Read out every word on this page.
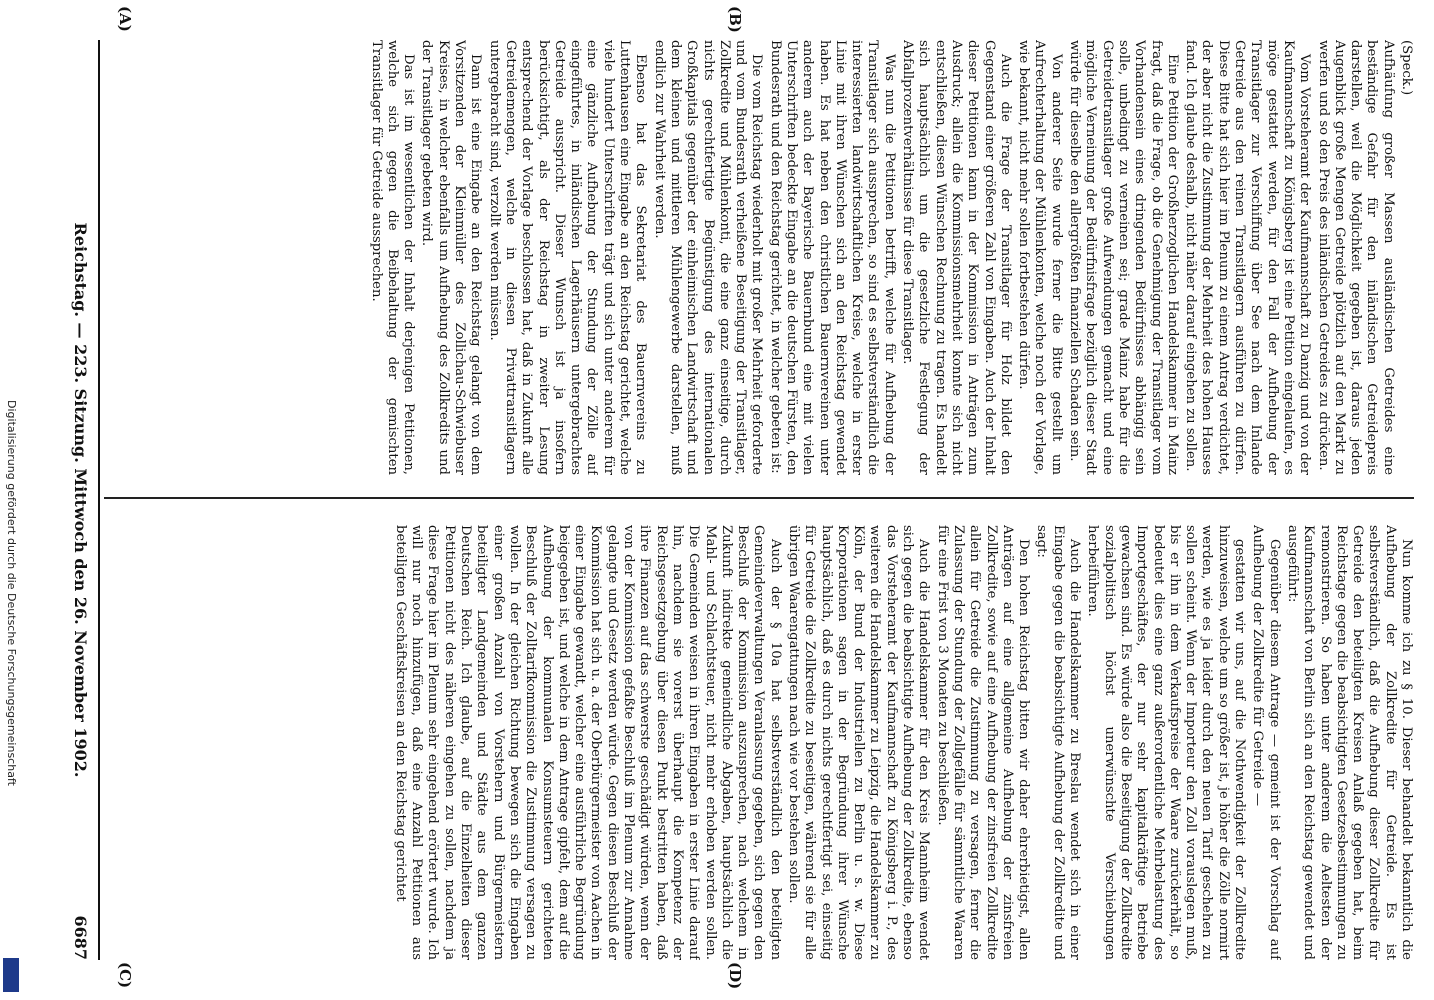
Reichstag. — 223. Sitzung. Mittwoch den 26. November 1902.
6687

(Speck.)

Aufhäufung großer Massen ausländischen Getreides eine beständige Gefahr für den inländischen Getreidepreis darstellen, weil die Möglichkeit gegeben ist, daraus jeden Augenblick große Mengen Getreide plötzlich auf den Markt zu werfen und so den Preis des inländischen Getreides zu drücken.

Vom Vorsteheramt der Kaufmannschaft zu Danzig und von der Kaufmannschaft zu Königsberg ist eine Petition eingelaufen, es möge gestattet werden, für den Fall der Aufhebung der Transitlager zur Verschiffung über See nach dem Inlande Getreide aus den reinen Transitlagern ausführen zu dürfen. Diese Bitte hat sich hier im Plenum zu einem Antrag verdichtet, der aber nicht die Zustimmung der Mehrheit des hohen Hauses fand. Ich glaube deshalb, nicht näher darauf eingehen zu sollen.

Eine Petition der Großherzoglichen Handelskammer in Mainz fragt, daß die Frage, ob die Genehmigung der Transitlager vom Vorhandensein eines dringenden Bedürfnisses abhängig sein solle, unbedingt zu verneinen sei; grade Mainz habe für die Getreidetransitlager große Aufwendungen gemacht und eine mögliche Verneinung der Bedürfnisfrage bezüglich dieser Stadt würde für dieselbe den allergrößten finanziellen Schaden sein.

Von anderer Seite wurde ferner die Bitte gestellt um Aufrechterhaltung der Mühlenkonten, welche noch der Vorlage, wie bekannt, nicht mehr sollen fortbestehen dürfen.

Auch die Frage der Transitlager für Holz bildet den Gegenstand einer größeren Zahl von Eingaben. Auch der Inhalt dieser Petitionen kann in der Kommission in Anträgen zum Ausdruck; allein die Kommissionsmehrheit konnte sich nicht entschließen, diesen Wünschen Rechnung zu tragen. Es handelt sich hauptsächlich um die gesetzliche Festlegung der Abfallprozentverhältnisse für diese Transitlager.

Was nun die Petitionen betrifft, welche für Aufhebung der Transitlager sich aussprechen, so sind es selbstverständlich die interessierten landwirtschaftlichen Kreise, welche in erster Linie mit ihren Wünschen sich an den Reichstag gewendet haben. Es hat neben den christlichen Bauernvereinen unter anderem auch der Bayerische Bauernbund eine mit vielen Unterschriften bedeckte Eingabe an die deutschen Fürsten, den Bundesrath und den Reichstag gerichtet, in welcher gebeten ist:

Die vom Reichstag wiederholt mit großer Mehrheit geforderte und vom Bundesrath verheißene Beseitigung der Transitlager, Zollkredite und Mühlenkonti, die eine ganz einseitige, durch nichts gerechtfertigte Begünstigung des internationalen Großkapitals gegenüber der einheimischen Landwirtschaft und dem kleinen und mittleren Mühlengewerbe darstellen, muß endlich zur Wahrheit werden.

Ebenso hat das Sekretariat des Bauernvereins zu Luttenhausen eine Eingabe an den Reichstag gerichtet, welche viele hundert Unterschriften trägt und sich unter anderem für eine gänzliche Aufhebung der Stundung der Zölle auf eingeführtes, in inländischen Lagerhäusern untergebrachtes Getreide ausspricht. Dieser Wunsch ist ja insofern berücksichtigt, als der Reichstag in zweiter Lesung entsprechend der Vorlage beschlossen hat, daß in Zukunft alle Getreidemengen, welche in diesen Privattransitlagern untergebracht sind, verzollt werden müssen.

Dann ist eine Eingabe an den Reichstag gelangt von dem Vorsitzenden der Kleinmüller des Zollichau-Schwiebuser Kreises, in welcher ebenfalls um Aufhebung des Zollkredits und der Transitlager gebeten wird.

Das ist im wesentlichen der Inhalt derjenigen Petitionen, welche sich gegen die Beibehaltung der gemischten Transitlager für Getreide aussprechen.

Nun komme ich zu § 10. Dieser behandelt bekanntlich die Aufhebung der Zollkredite für Getreide. Es ist selbstverständlich, daß die Aufhebung dieser Zollkredite für Getreide den beteiligten Kreisen Anlaß gegeben hat, beim Reichstage gegen die beabsichtigten Gesetzesbestimmungen zu remonstrieren. So haben unter anderem die Aeltesten der Kaufmannschaft von Berlin sich an den Reichstag gewendet und ausgeführt:

Gegenüber diesem Antrage — gemeint ist der Vorschlag auf Aufhebung der Zollkredite für Getreide —

gestatten wir uns, auf die Nothwendigkeit der Zollkredite hinzuweisen, welche um so größer ist, je höher die Zölle normirt werden, wie es ja leider durch den neuen Tarif geschehen zu sollen scheint. Wenn der Importeur den Zoll vorauslegen muß, bis er ihn in dem Verkaufspreise der Waare zurückerhält, so bedeutet dies eine ganz außerordentliche Mehrbelastung des Importgeschäftes, der nur sehr kapitalkräftige Betriebe gewachsen sind. Es würde also die Beseitigung der Zollkredite sozialpolitisch höchst unerwünschte Verschiebungen herbeiführen.

Auch die Handelskammer zu Breslau wendet sich in einer Eingabe gegen die beabsichtigte Aufhebung der Zollkredite und sagt:

Den hohen Reichstag bitten wir daher ehrerbietigst, allen Anträgen auf eine allgemeine Aufhebung der zinsfreien Zollkredite, sowie auf eine Aufhebung der zinsfreien Zollkredite allein für Getreide die Zustimmung zu versagen, ferner die Zulassung der Stundung der Zollgefälle für sämmtliche Waaren für eine Frist von 3 Monaten zu beschließen.

Auch die Handelskammer für den Kreis Mannheim wendet sich gegen die beabsichtigte Aufhebung der Zollkredite, ebenso das Vorsteheramt der Kaufmannschaft zu Königsberg i. P., des weiteren die Handelskammer zu Leipzig, die Handelskammer zu Köln, der Bund der Industriellen zu Berlin u. s. w. Diese Korporationen sagen in der Begründung ihrer Wünsche hauptsächlich, daß es durch nichts gerechtfertigt sei, einseitig für Getreide die Zollkredite zu beseitigen, während sie für alle übrigen Waarengattungen nach wie vor bestehen sollen.

Auch der § 10a hat selbstverständlich den beteiligten Gemeindeverwaltungen Veranlassung gegeben, sich gegen den Beschluß der Kommission auszusprechen, nach welchem in Zukunft indirekte gemeindliche Abgaben, hauptsächlich die Mahl- und Schlachtsteuer, nicht mehr erhoben werden sollen. Die Gemeinden weisen in ihren Eingaben in erster Linie darauf hin, nachdem sie vorerst überhaupt die Kompetenz der Reichsgesetzgebung über diesen Punkt bestritten haben, daß ihre Finanzen auf das schwerste geschädigt würden, wenn der von der Kommission gefaßte Beschluß im Plenum zur Annahme gelangte und Gesetz werden würde. Gegen diesen Beschluß der Kommission hat sich u. a. der Oberbürgermeister von Aachen in einer Eingabe gewandt, welcher eine ausführliche Begründung beigegeben ist, und welche in dem Antrage gipfelt, dem auf die Aufhebung der kommunalen Konsumsteuern gerichteten Beschluß der Zolltarifkommission die Zustimmung versagen zu wollen. In der gleichen Richtung bewegen sich die Eingaben einer großen Anzahl von Vorstehern und Bürgermeistern beteiligter Landgemeinden und Städte aus dem ganzen Deutschen Reich. Ich glaube, auf die Einzelheiten dieser Petitionen nicht des näheren eingehen zu sollen, nachdem ja diese Frage hier im Plenum sehr eingehend erörtert wurde. Ich will nur noch hinzufügen, daß eine Anzahl Petitionen aus beteiligten Geschäftskreisen an den Reichstag gerichtet

(A)	(B)
(C)	(D)
Digitalisierung gefördert durch die Deutsche Forschungsgemeinschaft
